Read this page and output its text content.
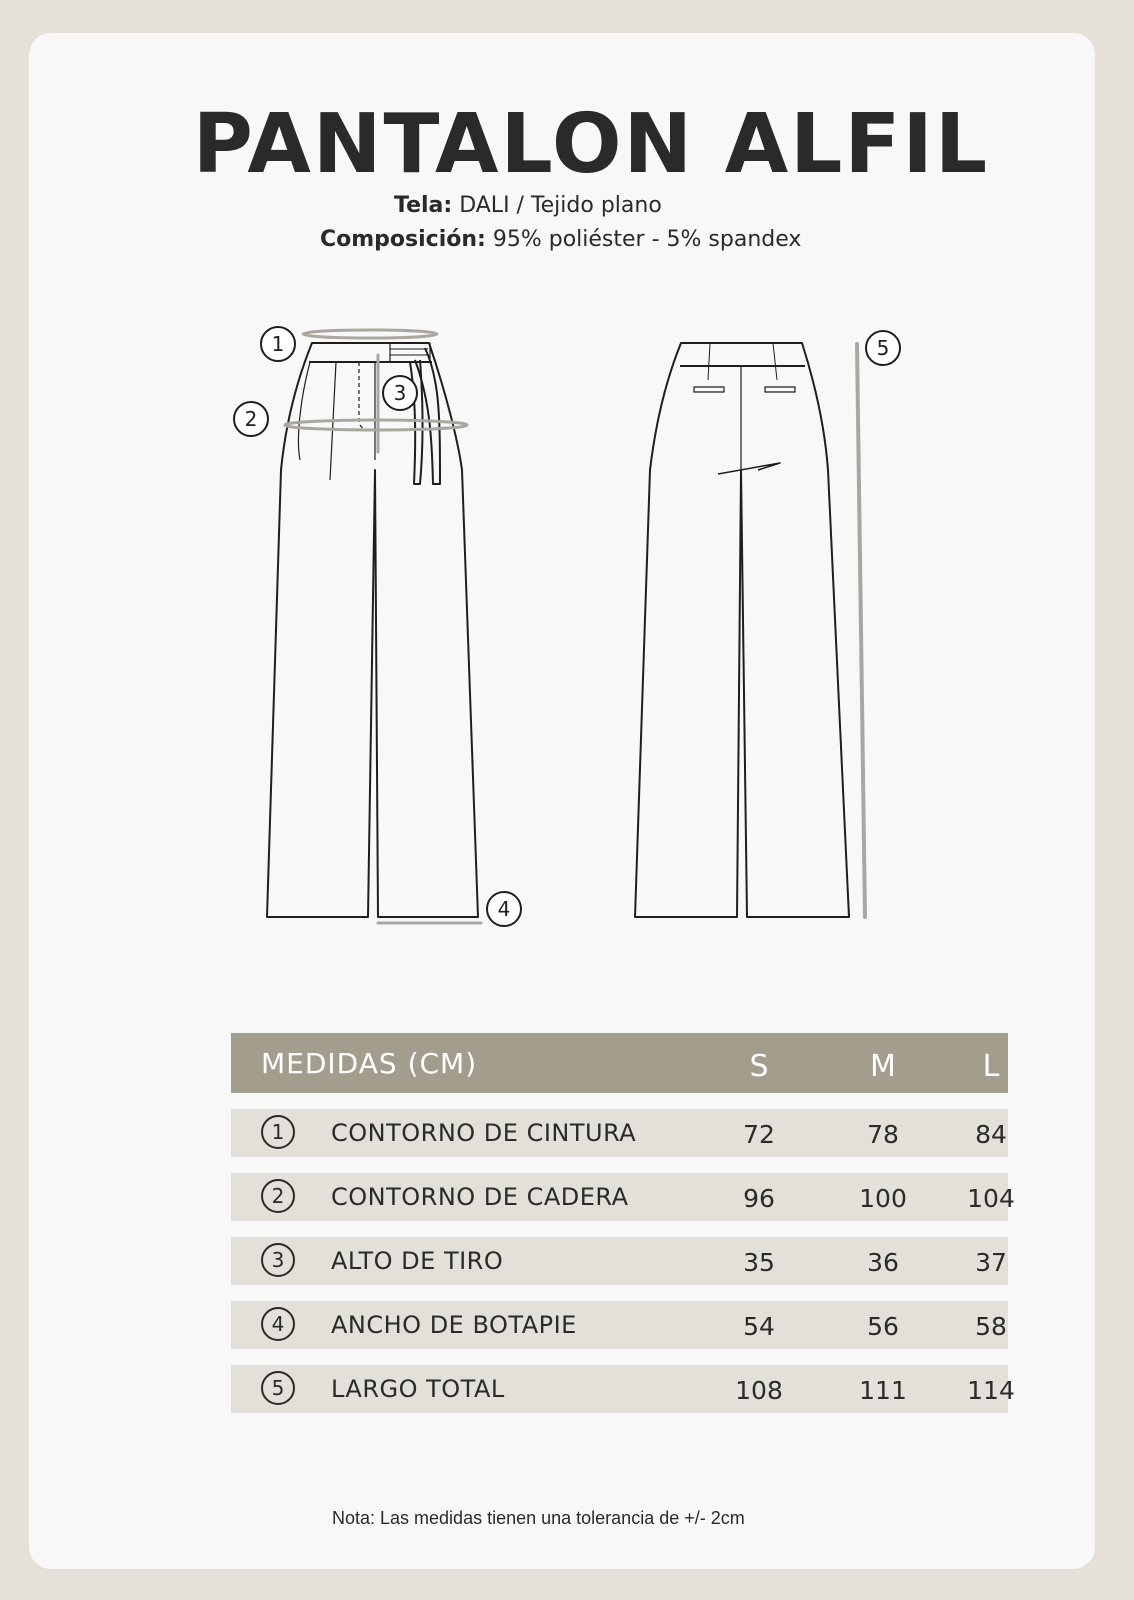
PANTALON ALFIL
Tela: DALI / Tejido plano
Composición: 95% poliéster - 5% spandex
1
2
3
4
5
MEDIDAS (CM)	S	M	L
1	CONTORNO DE CINTURA	72	78	84
2	CONTORNO DE CADERA	96	100	104
3	ALTO DE TIRO	35	36	37
4	ANCHO DE BOTAPIE	54	56	58
5	LARGO TOTAL	108	111	114
Nota: Las medidas tienen una tolerancia de +/- 2cm
